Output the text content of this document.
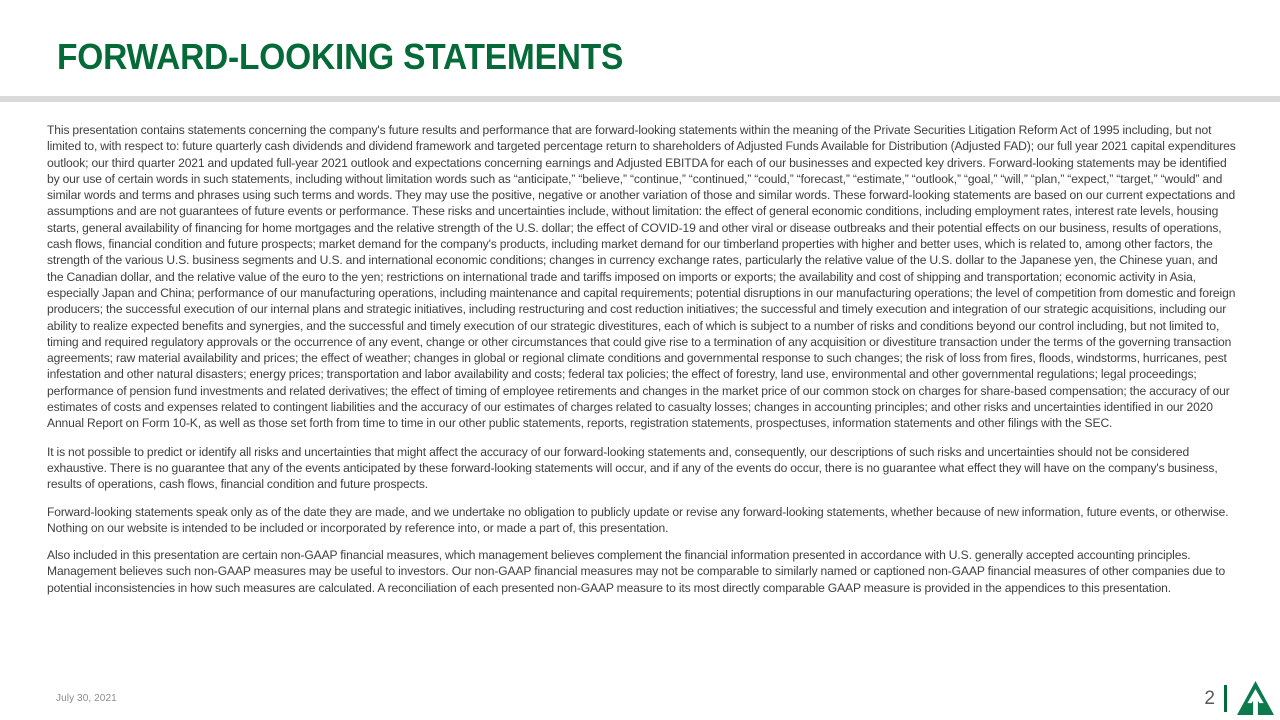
FORWARD-LOOKING STATEMENTS

This presentation contains statements concerning the company's future results and performance that are forward-looking statements within the meaning of the Private Securities Litigation Reform Act of 1995 including, but not limited to, with respect to: future quarterly cash dividends and dividend framework and targeted percentage return to shareholders of Adjusted Funds Available for Distribution (Adjusted FAD); our full year 2021 capital expenditures outlook; our third quarter 2021 and updated full-year 2021 outlook and expectations concerning earnings and Adjusted EBITDA for each of our businesses and expected key drivers. Forward-looking statements may be identified by our use of certain words in such statements, including without limitation words such as “anticipate,” “believe,” “continue,” “continued,” “could,” “forecast,” “estimate,” “outlook,” “goal,” “will,” “plan,” “expect,” “target,” “would” and similar words and terms and phrases using such terms and words. They may use the positive, negative or another variation of those and similar words. These forward-looking statements are based on our current expectations and assumptions and are not guarantees of future events or performance. These risks and uncertainties include, without limitation: the effect of general economic conditions, including employment rates, interest rate levels, housing starts, general availability of financing for home mortgages and the relative strength of the U.S. dollar; the effect of COVID-19 and other viral or disease outbreaks and their potential effects on our business, results of operations, cash flows, financial condition and future prospects; market demand for the company's products, including market demand for our timberland properties with higher and better uses, which is related to, among other factors, the strength of the various U.S. business segments and U.S. and international economic conditions; changes in currency exchange rates, particularly the relative value of the U.S. dollar to the Japanese yen, the Chinese yuan, and the Canadian dollar, and the relative value of the euro to the yen; restrictions on international trade and tariffs imposed on imports or exports; the availability and cost of shipping and transportation; economic activity in Asia, especially Japan and China; performance of our manufacturing operations, including maintenance and capital requirements; potential disruptions in our manufacturing operations; the level of competition from domestic and foreign producers; the successful execution of our internal plans and strategic initiatives, including restructuring and cost reduction initiatives; the successful and timely execution and integration of our strategic acquisitions, including our ability to realize expected benefits and synergies, and the successful and timely execution of our strategic divestitures, each of which is subject to a number of risks and conditions beyond our control including, but not limited to, timing and required regulatory approvals or the occurrence of any event, change or other circumstances that could give rise to a termination of any acquisition or divestiture transaction under the terms of the governing transaction agreements; raw material availability and prices; the effect of weather; changes in global or regional climate conditions and governmental response to such changes; the risk of loss from fires, floods, windstorms, hurricanes, pest infestation and other natural disasters; energy prices; transportation and labor availability and costs; federal tax policies; the effect of forestry, land use, environmental and other governmental regulations; legal proceedings; performance of pension fund investments and related derivatives; the effect of timing of employee retirements and changes in the market price of our common stock on charges for share-based compensation; the accuracy of our estimates of costs and expenses related to contingent liabilities and the accuracy of our estimates of charges related to casualty losses; changes in accounting principles; and other risks and uncertainties identified in our 2020 Annual Report on Form 10-K, as well as those set forth from time to time in our other public statements, reports, registration statements, prospectuses, information statements and other filings with the SEC.

It is not possible to predict or identify all risks and uncertainties that might affect the accuracy of our forward-looking statements and, consequently, our descriptions of such risks and uncertainties should not be considered exhaustive. There is no guarantee that any of the events anticipated by these forward-looking statements will occur, and if any of the events do occur, there is no guarantee what effect they will have on the company's business, results of operations, cash flows, financial condition and future prospects.

Forward-looking statements speak only as of the date they are made, and we undertake no obligation to publicly update or revise any forward-looking statements, whether because of new information, future events, or otherwise. Nothing on our website is intended to be included or incorporated by reference into, or made a part of, this presentation.

Also included in this presentation are certain non-GAAP financial measures, which management believes complement the financial information presented in accordance with U.S. generally accepted accounting principles. Management believes such non-GAAP measures may be useful to investors. Our non-GAAP financial measures may not be comparable to similarly named or captioned non-GAAP financial measures of other companies due to potential inconsistencies in how such measures are calculated. A reconciliation of each presented non-GAAP measure to its most directly comparable GAAP measure is provided in the appendices to this presentation.

July 30, 2021	2
